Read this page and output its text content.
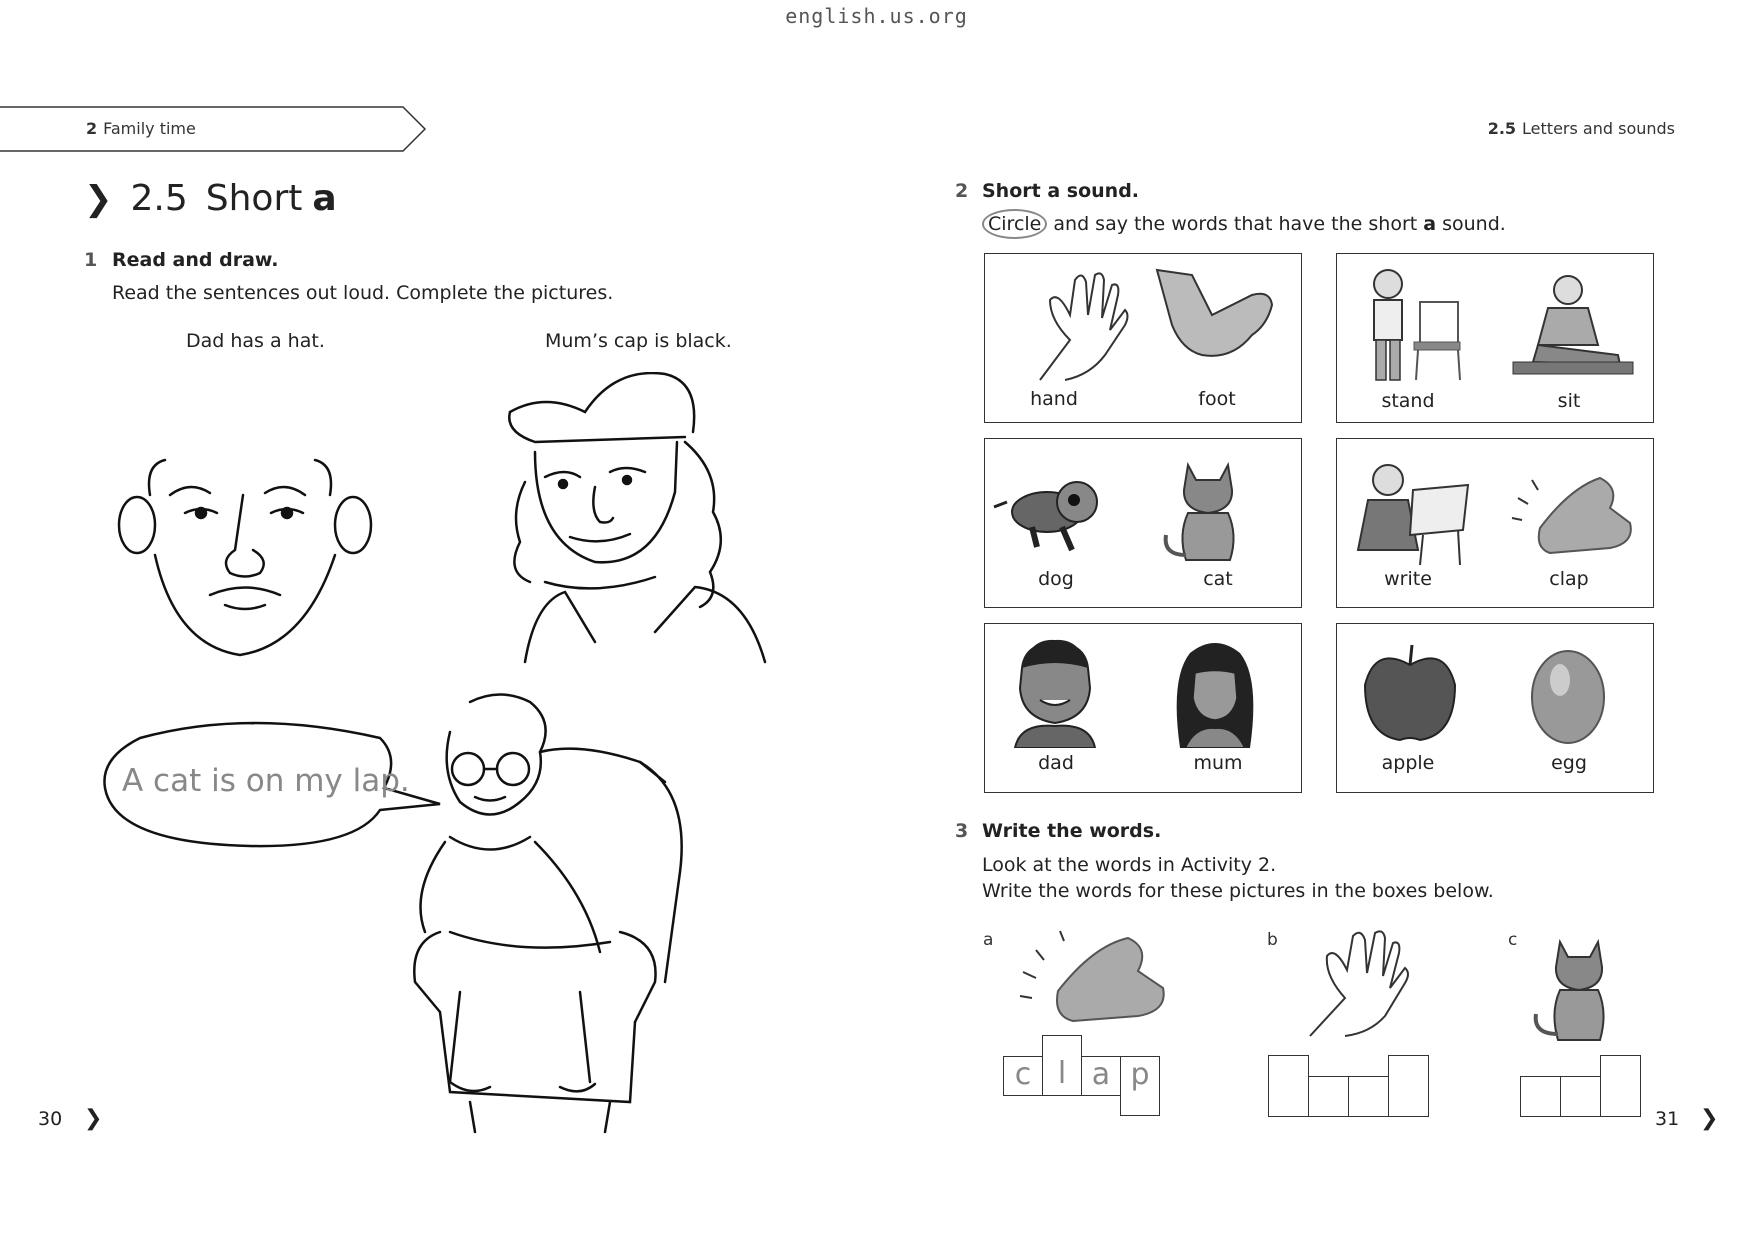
english.us.org
2 Family time	2.5 Letters and sounds
❯ 2.5 Short a
1 Read and draw.
Read the sentences out loud. Complete the pictures.
Dad has a hat.	Mum’s cap is black.
A cat is on my lap.
30 ❯
2 Short a sound.
Circle and say the words that have the short a sound.
hand	foot	stand	sit
dog	cat	write	clap
dad	mum	apple	egg
3 Write the words.
Look at the words in Activity 2.
Write the words for these pictures in the boxes below.
a
c l a p
b	c
31 ❯
